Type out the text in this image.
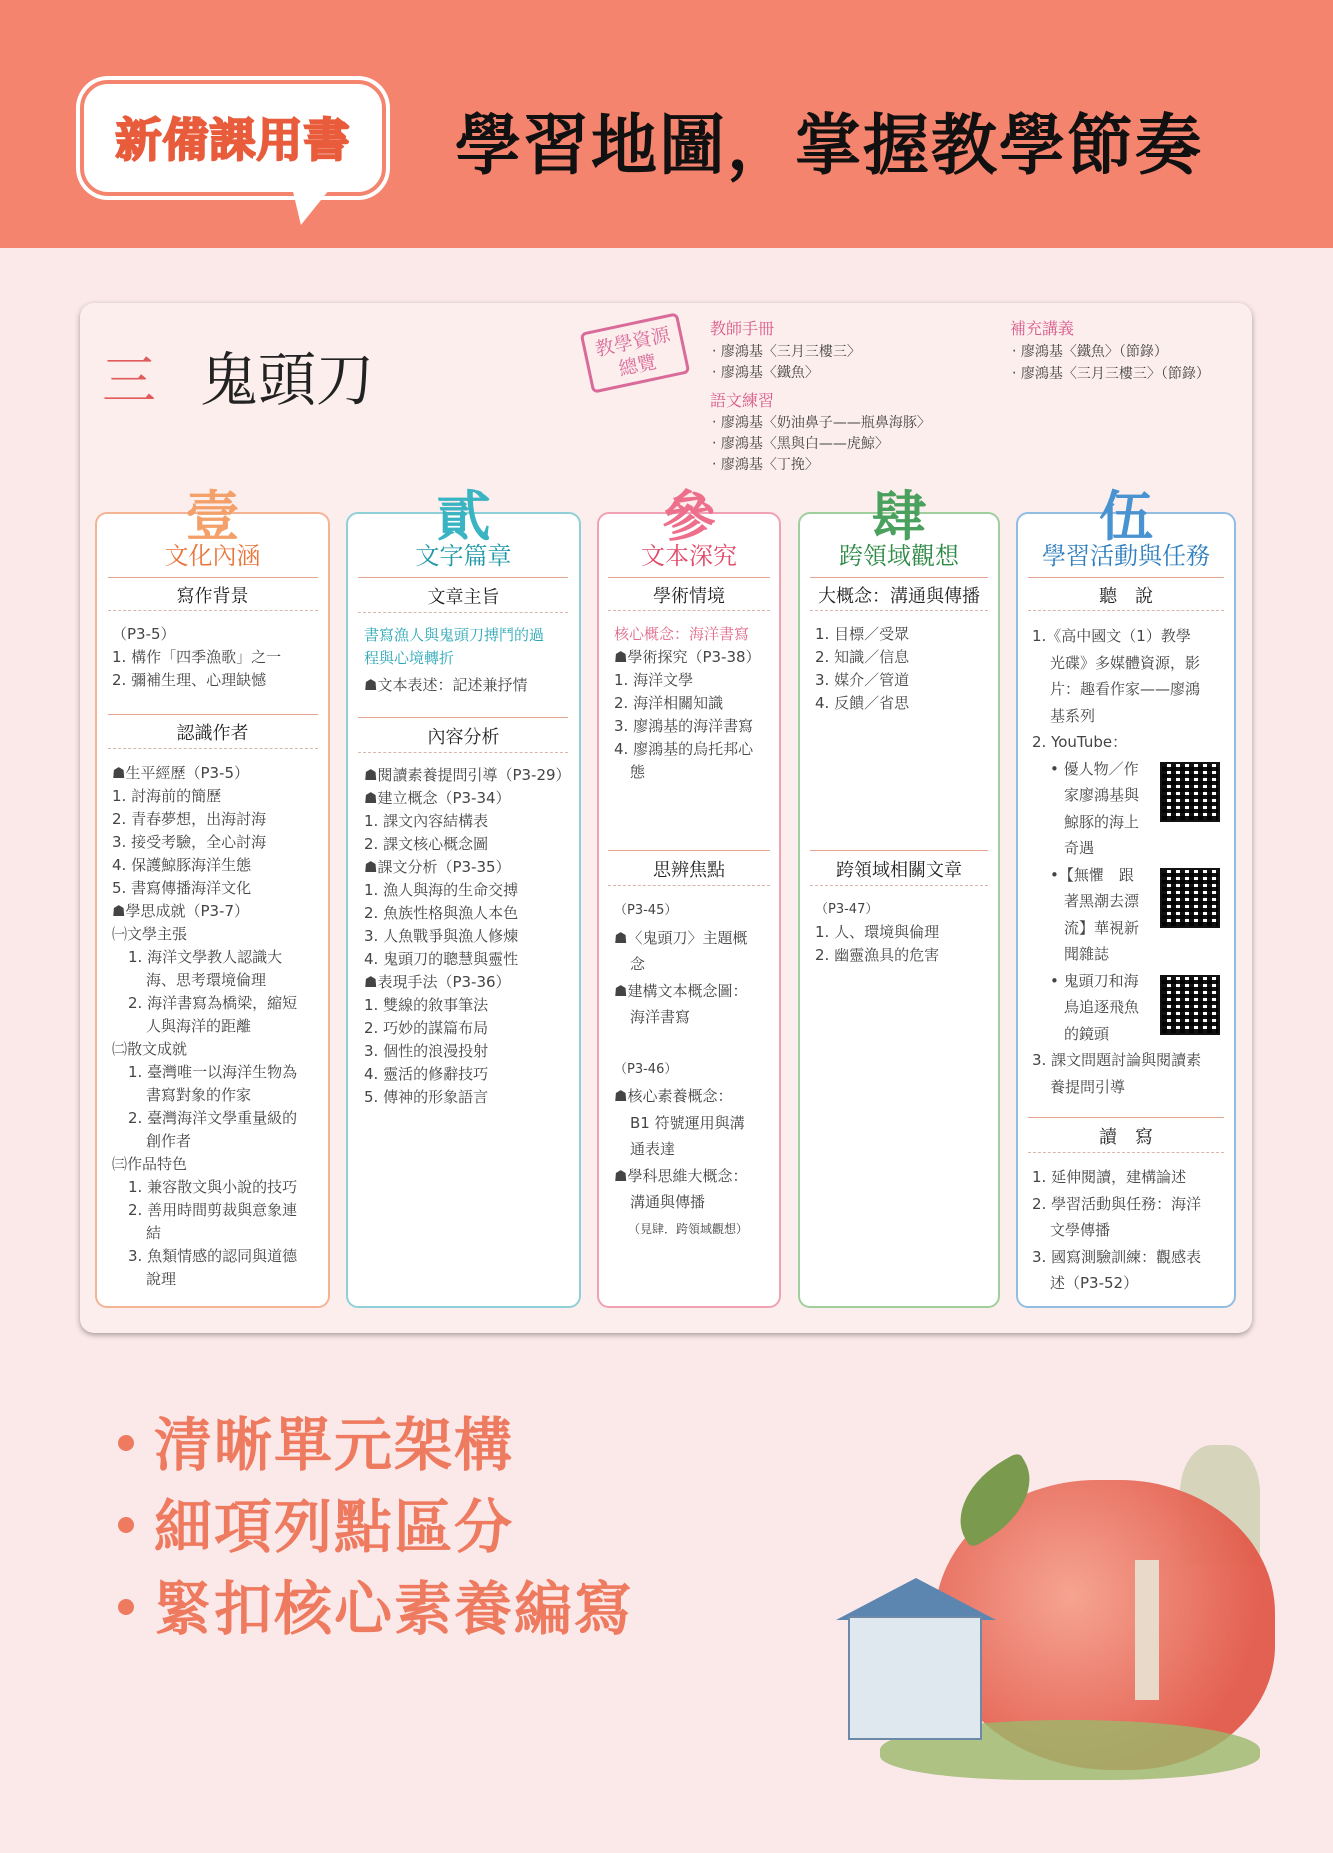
新備課用書	學習地圖，掌握教學節奏
三 鬼頭刀
教學資源總覽
教師手冊
‧ 廖鴻基〈三月三樓三〉
‧ 廖鴻基〈鐵魚〉
語文練習
‧ 廖鴻基〈奶油鼻子——瓶鼻海豚〉
‧ 廖鴻基〈黑與白——虎鯨〉
‧ 廖鴻基〈丁挽〉
補充講義
‧ 廖鴻基〈鐵魚〉（節錄）
‧ 廖鴻基〈三月三樓三〉（節錄）
壹
文化內涵
寫作背景
（P3-5）
1. 構作「四季漁歌」之一
2. 彌補生理、心理缺憾
認識作者
☗生平經歷（P3-5）
1. 討海前的簡歷
2. 青春夢想，出海討海
3. 接受考驗，全心討海
4. 保護鯨豚海洋生態
5. 書寫傳播海洋文化
☗學思成就（P3-7）
㈠文學主張
1. 海洋文學教人認識大
海、思考環境倫理
2. 海洋書寫為橋梁，縮短
人與海洋的距離
㈡散文成就
1. 臺灣唯一以海洋生物為
書寫對象的作家
2. 臺灣海洋文學重量級的
創作者
㈢作品特色
1. 兼容散文與小說的技巧
2. 善用時間剪裁與意象連
結
3. 魚類情感的認同與道德
說理
貳
文字篇章
文章主旨
書寫漁人與鬼頭刀搏鬥的過
程與心境轉折
☗文本表述：記述兼抒情
內容分析
☗閱讀素養提問引導（P3-29）
☗建立概念（P3-34）
1. 課文內容結構表
2. 課文核心概念圖
☗課文分析（P3-35）
1. 漁人與海的生命交搏
2. 魚族性格與漁人本色
3. 人魚戰爭與漁人修煉
4. 鬼頭刀的聰慧與靈性
☗表現手法（P3-36）
1. 雙線的敘事筆法
2. 巧妙的謀篇布局
3. 個性的浪漫投射
4. 靈活的修辭技巧
5. 傳神的形象語言
參
文本深究
學術情境
核心概念：海洋書寫
☗學術探究（P3-38）
1. 海洋文學
2. 海洋相關知識
3. 廖鴻基的海洋書寫
4. 廖鴻基的烏托邦心
態
思辨焦點
（P3-45）
☗〈鬼頭刀〉主題概
念
☗建構文本概念圖：
海洋書寫
（P3-46）
☗核心素養概念：
B1 符號運用與溝
通表達
☗學科思維大概念：
溝通與傳播
（見肆．跨領域觀想）
肆
跨領域觀想
大概念：溝通與傳播
1. 目標／受眾
2. 知識／信息
3. 媒介／管道
4. 反饋／省思
跨領域相關文章
（P3-47）
1. 人、環境與倫理
2. 幽靈漁具的危害
伍
學習活動與任務
聽　說
1.《高中國文（1）教學
光碟》多媒體資源，影
片：趣看作家——廖鴻
基系列
2. YouTube：
• 優人物／作
家廖鴻基與
鯨豚的海上
奇遇
•【無懼　跟
著黑潮去漂
流】華視新
聞雜誌
• 鬼頭刀和海
鳥追逐飛魚
的鏡頭
3. 課文問題討論與閱讀素
養提問引導
讀　寫
1. 延伸閱讀，建構論述
2. 學習活動與任務：海洋
文學傳播
3. 國寫測驗訓練：觀感表
述（P3-52）
清晰單元架構
細項列點區分
緊扣核心素養編寫
